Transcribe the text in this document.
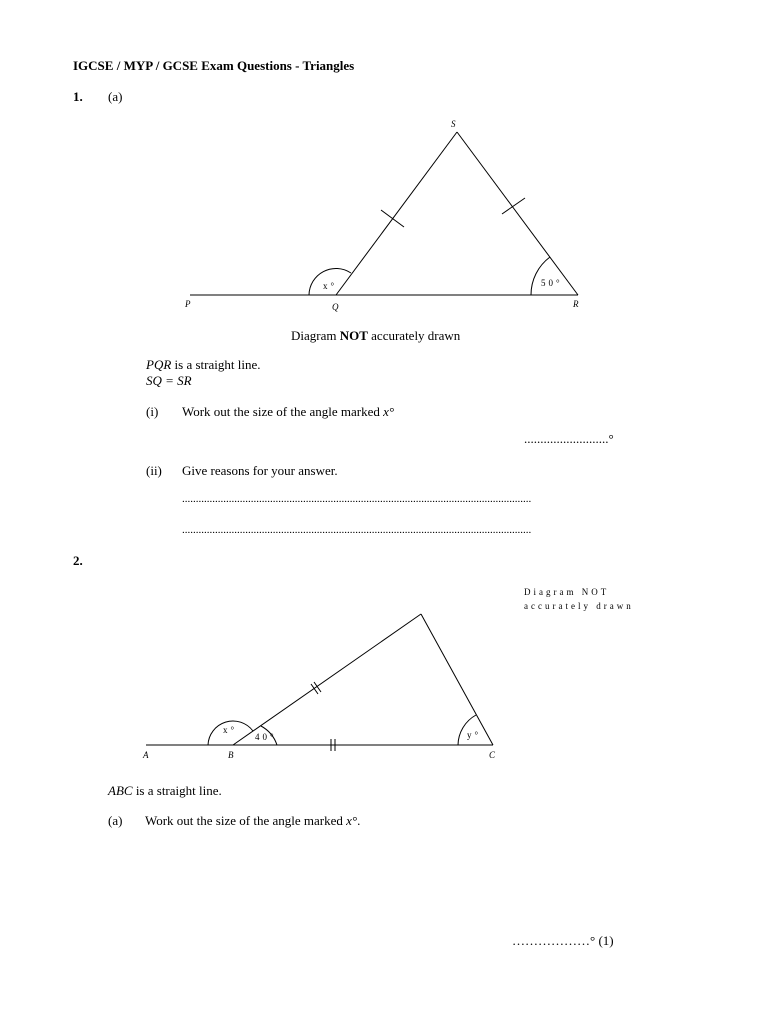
IGCSE / MYP / GCSE Exam Questions - Triangles
1. (a)
S
P	Q	R
x°	50°
A	B	C
x°
40°	y°
Diagram NOT
accurately drawn
Diagram NOT accurately drawn
PQR is a straight line.
SQ = SR
(i) Work out the size of the angle marked x°
..........................°
(ii) Give reasons for your answer.
...............................................................................................................................
...............................................................................................................................
2.
ABC is a straight line.
(a) Work out the size of the angle marked x°.
………………° (1)
